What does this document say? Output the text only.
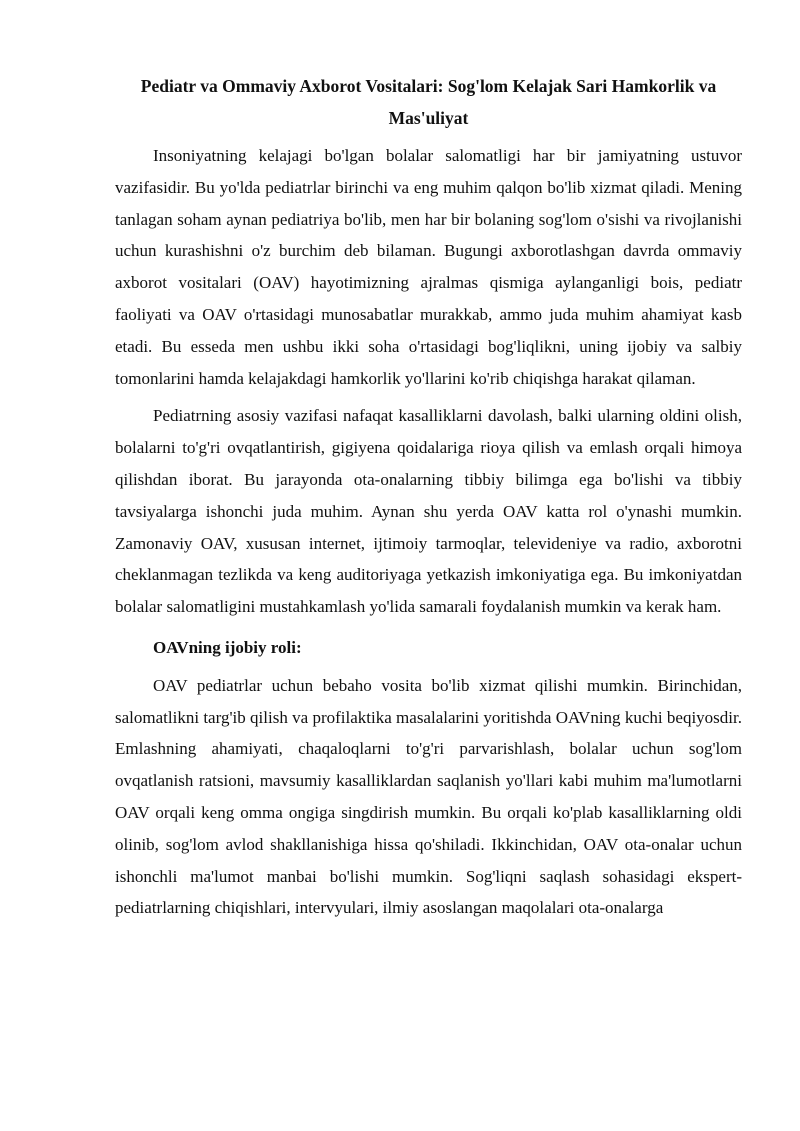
Pediatr va Ommaviy Axborot Vositalari: Sog'lom Kelajak Sari Hamkorlik va Mas'uliyat

Insoniyatning kelajagi bo'lgan bolalar salomatligi har bir jamiyatning ustuvor vazifasidir. Bu yo'lda pediatrlar birinchi va eng muhim qalqon bo'lib xizmat qiladi. Mening tanlagan soham aynan pediatriya bo'lib, men har bir bolaning sog'lom o'sishi va rivojlanishi uchun kurashishni o'z burchim deb bilaman. Bugungi axborotlashgan davrda ommaviy axborot vositalari (OAV) hayotimizning ajralmas qismiga aylanganligi bois, pediatr faoliyati va OAV o'rtasidagi munosabatlar murakkab, ammo juda muhim ahamiyat kasb etadi. Bu esseda men ushbu ikki soha o'rtasidagi bog'liqlikni, uning ijobiy va salbiy tomonlarini hamda kelajakdagi hamkorlik yo'llarini ko'rib chiqishga harakat qilaman.

Pediatrning asosiy vazifasi nafaqat kasalliklarni davolash, balki ularning oldini olish, bolalarni to'g'ri ovqatlantirish, gigiyena qoidalariga rioya qilish va emlash orqali himoya qilishdan iborat. Bu jarayonda ota-onalarning tibbiy bilimga ega bo'lishi va tibbiy tavsiyalarga ishonchi juda muhim. Aynan shu yerda OAV katta rol o'ynashi mumkin. Zamonaviy OAV, xususan internet, ijtimoiy tarmoqlar, televideniye va radio, axborotni cheklanmagan tezlikda va keng auditoriyaga yetkazish imkoniyatiga ega. Bu imkoniyatdan bolalar salomatligini mustahkamlash yo'lida samarali foydalanish mumkin va kerak ham.

OAVning ijobiy roli:

OAV pediatrlar uchun bebaho vosita bo'lib xizmat qilishi mumkin. Birinchidan, salomatlikni targ'ib qilish va profilaktika masalalarini yoritishda OAVning kuchi beqiyosdir. Emlashning ahamiyati, chaqaloqlarni to'g'ri parvarishlash, bolalar uchun sog'lom ovqatlanish ratsioni, mavsumiy kasalliklardan saqlanish yo'llari kabi muhim ma'lumotlarni OAV orqali keng omma ongiga singdirish mumkin. Bu orqali ko'plab kasalliklarning oldi olinib, sog'lom avlod shakllanishiga hissa qo'shiladi. Ikkinchidan, OAV ota-onalar uchun ishonchli ma'lumot manbai bo'lishi mumkin. Sog'liqni saqlash sohasidagi ekspert-pediatrlarning chiqishlari, intervyulari, ilmiy asoslangan maqolalari ota-onalarga
